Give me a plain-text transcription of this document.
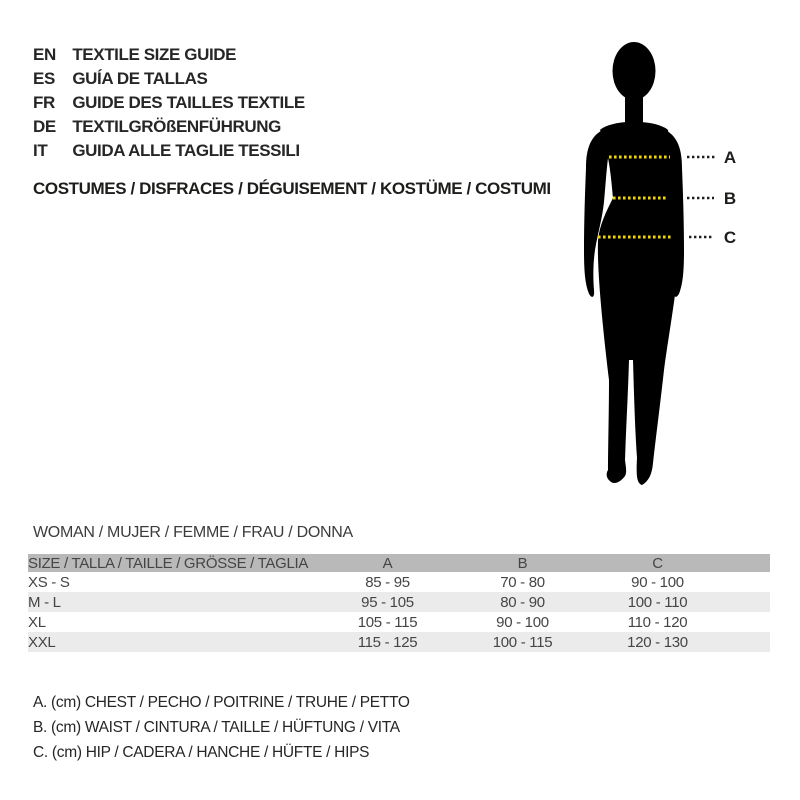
EN TEXTILE SIZE GUIDE
ES GUÍA DE TALLAS
FR GUIDE DES TAILLES TEXTILE
DE TEXTILGRÖßENFÜHRUNG
IT GUIDA ALLE TAGLIE TESSILI
COSTUMES / DISFRACES / DÉGUISEMENT / KOSTÜME / COSTUMI
A
B
C
WOMAN / MUJER / FEMME / FRAU / DONNA
SIZE / TALLA / TAILLE / GRÖSSE / TAGLIA	A	B	C	
XS - S	85 - 95	70 - 80	90 - 100	
M - L	95 - 105	80 - 90	100 - 110	
XL	105 - 115	90 - 100	110 - 120	
XXL	115 - 125	100 - 115	120 - 130	
A. (cm) CHEST / PECHO / POITRINE / TRUHE / PETTO
B. (cm) WAIST / CINTURA / TAILLE / HÜFTUNG / VITA
C. (cm) HIP / CADERA / HANCHE / HÜFTE / HIPS
